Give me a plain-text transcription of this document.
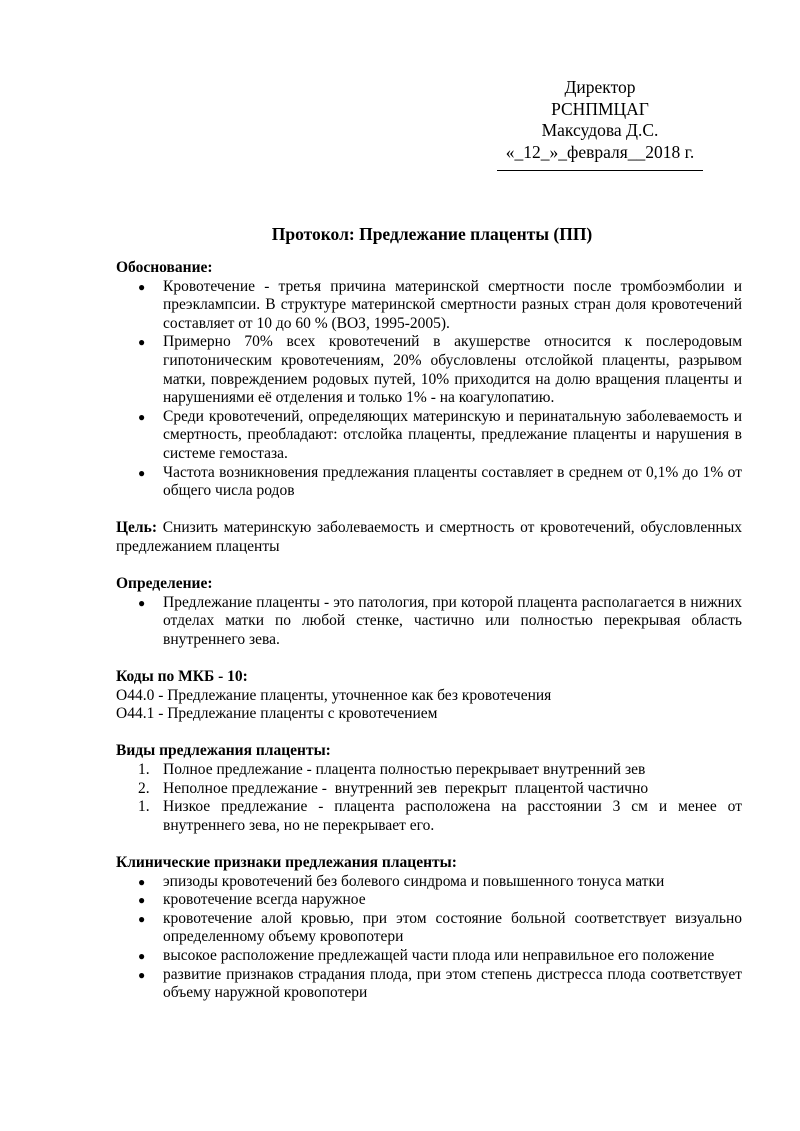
Директор
РСНПМЦАГ
Максудова Д.С.
«_12_»_февраля__2018 г.
Протокол: Предлежание плаценты (ПП)
Обоснование:
● Кровотечение - третья причина материнской смертности после тромбоэмболии и преэклампсии. В структуре материнской смертности разных стран доля кровотечений составляет от 10 до 60 % (ВОЗ, 1995-2005).
● Примерно 70% всех кровотечений в акушерстве относится к послеродовым гипотоническим кровотечениям, 20% обусловлены отслойкой плаценты, разрывом матки, повреждением родовых путей, 10% приходится на долю вращения плаценты и нарушениями её отделения и только 1% - на коагулопатию.
● Среди кровотечений, определяющих материнскую и перинатальную заболеваемость и смертность, преобладают: отслойка плаценты, предлежание плаценты и нарушения в системе гемостаза.
● Частота возникновения предлежания плаценты составляет в среднем от 0,1% до 1% от общего числа родов
Цель: Снизить материнскую заболеваемость и смертность от кровотечений, обусловленных предлежанием плаценты
Определение:
● Предлежание плаценты - это патология, при которой плацента располагается в нижних отделах матки по любой стенке, частично или полностью перекрывая область внутреннего зева.
Коды по МКБ - 10:
О44.0 - Предлежание плаценты, уточненное как без кровотечения
О44.1 - Предлежание плаценты с кровотечением
Виды предлежания плаценты:
1. Полное предлежание - плацента полностью перекрывает внутренний зев
2. Неполное предлежание -  внутренний зев  перекрыт  плацентой частично
1. Низкое предлежание - плацента расположена на расстоянии 3 см и менее от внутреннего зева, но не перекрывает его.
Клинические признаки предлежания плаценты:
● эпизоды кровотечений без болевого синдрома и повышенного тонуса матки
● кровотечение всегда наружное
● кровотечение алой кровью, при этом состояние больной соответствует визуально определенному объему кровопотери
● высокое расположение предлежащей части плода или неправильное его положение
● развитие признаков страдания плода, при этом степень дистресса плода соответствует объему наружной кровопотери
